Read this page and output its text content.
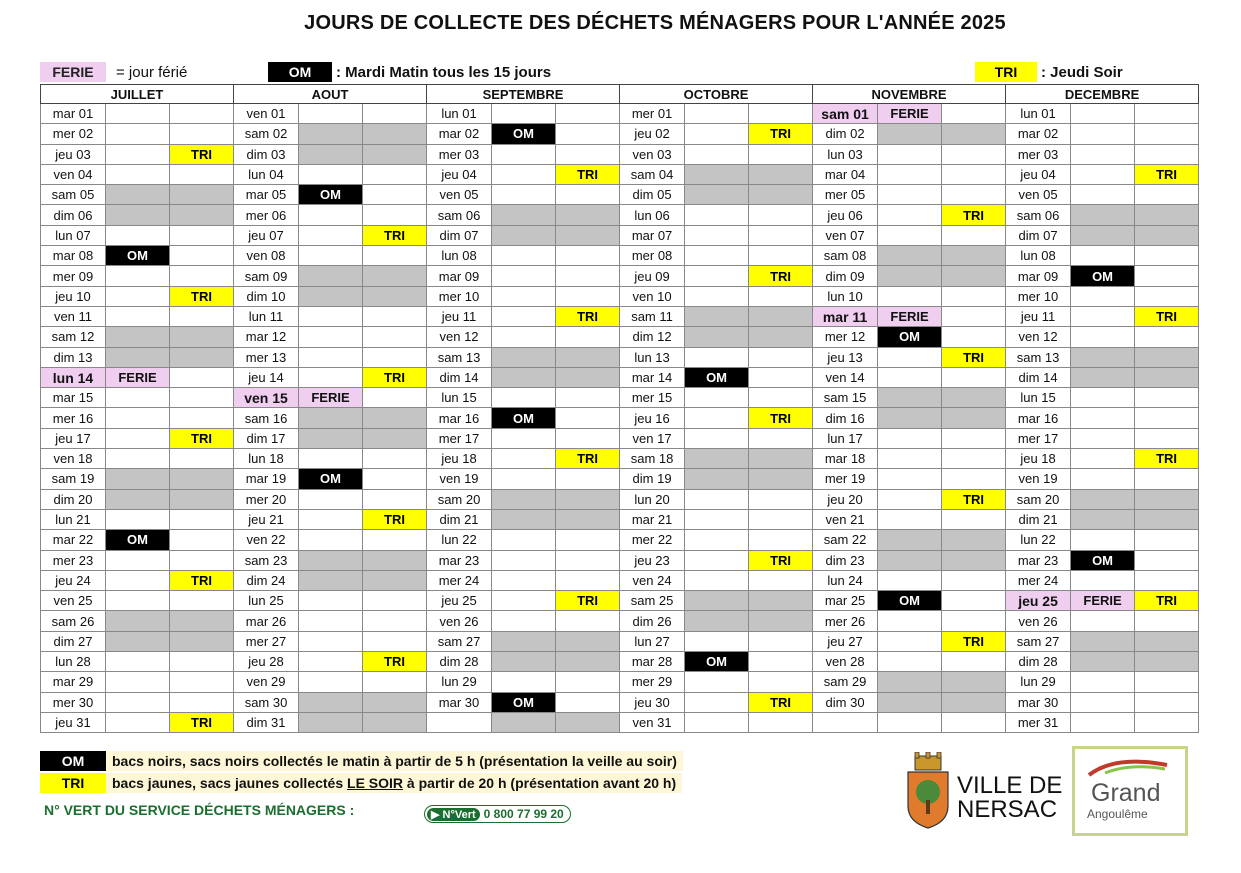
JOURS DE COLLECTE DES DÉCHETS MÉNAGERS POUR L'ANNÉE 2025
FERIE	= jour férié	OM	: Mardi Matin tous les 15 jours	TRI	: Jeudi Soir
JUILLET			AOUT			SEPTEMBRE			OCTOBRE			NOVEMBRE			DECEMBRE		
mar 01			ven 01			lun 01			mer 01			sam 01	FERIE		lun 01		
mer 02			sam 02			mar 02	OM		jeu 02		TRI	dim 02			mar 02		
jeu 03		TRI	dim 03			mer 03			ven 03			lun 03			mer 03		
ven 04			lun 04			jeu 04		TRI	sam 04			mar 04			jeu 04		TRI
sam 05			mar 05	OM		ven 05			dim 05			mer 05			ven 05		
dim 06			mer 06			sam 06			lun 06			jeu 06		TRI	sam 06		
lun 07			jeu 07		TRI	dim 07			mar 07			ven 07			dim 07		
mar 08	OM		ven 08			lun 08			mer 08			sam 08			lun 08		
mer 09			sam 09			mar 09			jeu 09		TRI	dim 09			mar 09	OM	
jeu 10		TRI	dim 10			mer 10			ven 10			lun 10			mer 10		
ven 11			lun 11			jeu 11		TRI	sam 11			mar 11	FERIE		jeu 11		TRI
sam 12			mar 12			ven 12			dim 12			mer 12	OM		ven 12		
dim 13			mer 13			sam 13			lun 13			jeu 13		TRI	sam 13		
lun 14	FERIE		jeu 14		TRI	dim 14			mar 14	OM		ven 14			dim 14		
mar 15			ven 15	FERIE		lun 15			mer 15			sam 15			lun 15		
mer 16			sam 16			mar 16	OM		jeu 16		TRI	dim 16			mar 16		
jeu 17		TRI	dim 17			mer 17			ven 17			lun 17			mer 17		
ven 18			lun 18			jeu 18		TRI	sam 18			mar 18			jeu 18		TRI
sam 19			mar 19	OM		ven 19			dim 19			mer 19			ven 19		
dim 20			mer 20			sam 20			lun 20			jeu 20		TRI	sam 20		
lun 21			jeu 21		TRI	dim 21			mar 21			ven 21			dim 21		
mar 22	OM		ven 22			lun 22			mer 22			sam 22			lun 22		
mer 23			sam 23			mar 23			jeu 23		TRI	dim 23			mar 23	OM	
jeu 24		TRI	dim 24			mer 24			ven 24			lun 24			mer 24		
ven 25			lun 25			jeu 25		TRI	sam 25			mar 25	OM		jeu 25	FERIE	TRI
sam 26			mar 26			ven 26			dim 26			mer 26			ven 26		
dim 27			mer 27			sam 27			lun 27			jeu 27		TRI	sam 27		
lun 28			jeu 28		TRI	dim 28			mar 28	OM		ven 28			dim 28		
mar 29			ven 29			lun 29			mer 29			sam 29			lun 29		
mer 30			sam 30			mar 30	OM		jeu 30		TRI	dim 30			mar 30		
jeu 31		TRI	dim 31						ven 31						mer 31		
OM	bacs noirs, sacs noirs collectés le matin à partir de 5 h (présentation la veille au soir)
TRI	bacs jaunes, sacs jaunes collectés LE SOIR à partir de 20 h (présentation avant 20 h)
N° VERT DU SERVICE DÉCHETS MÉNAGERS :	▶ N°Vert 0 800 77 99 20
VILLE DE
NERSAC
Grand
Angoulême
